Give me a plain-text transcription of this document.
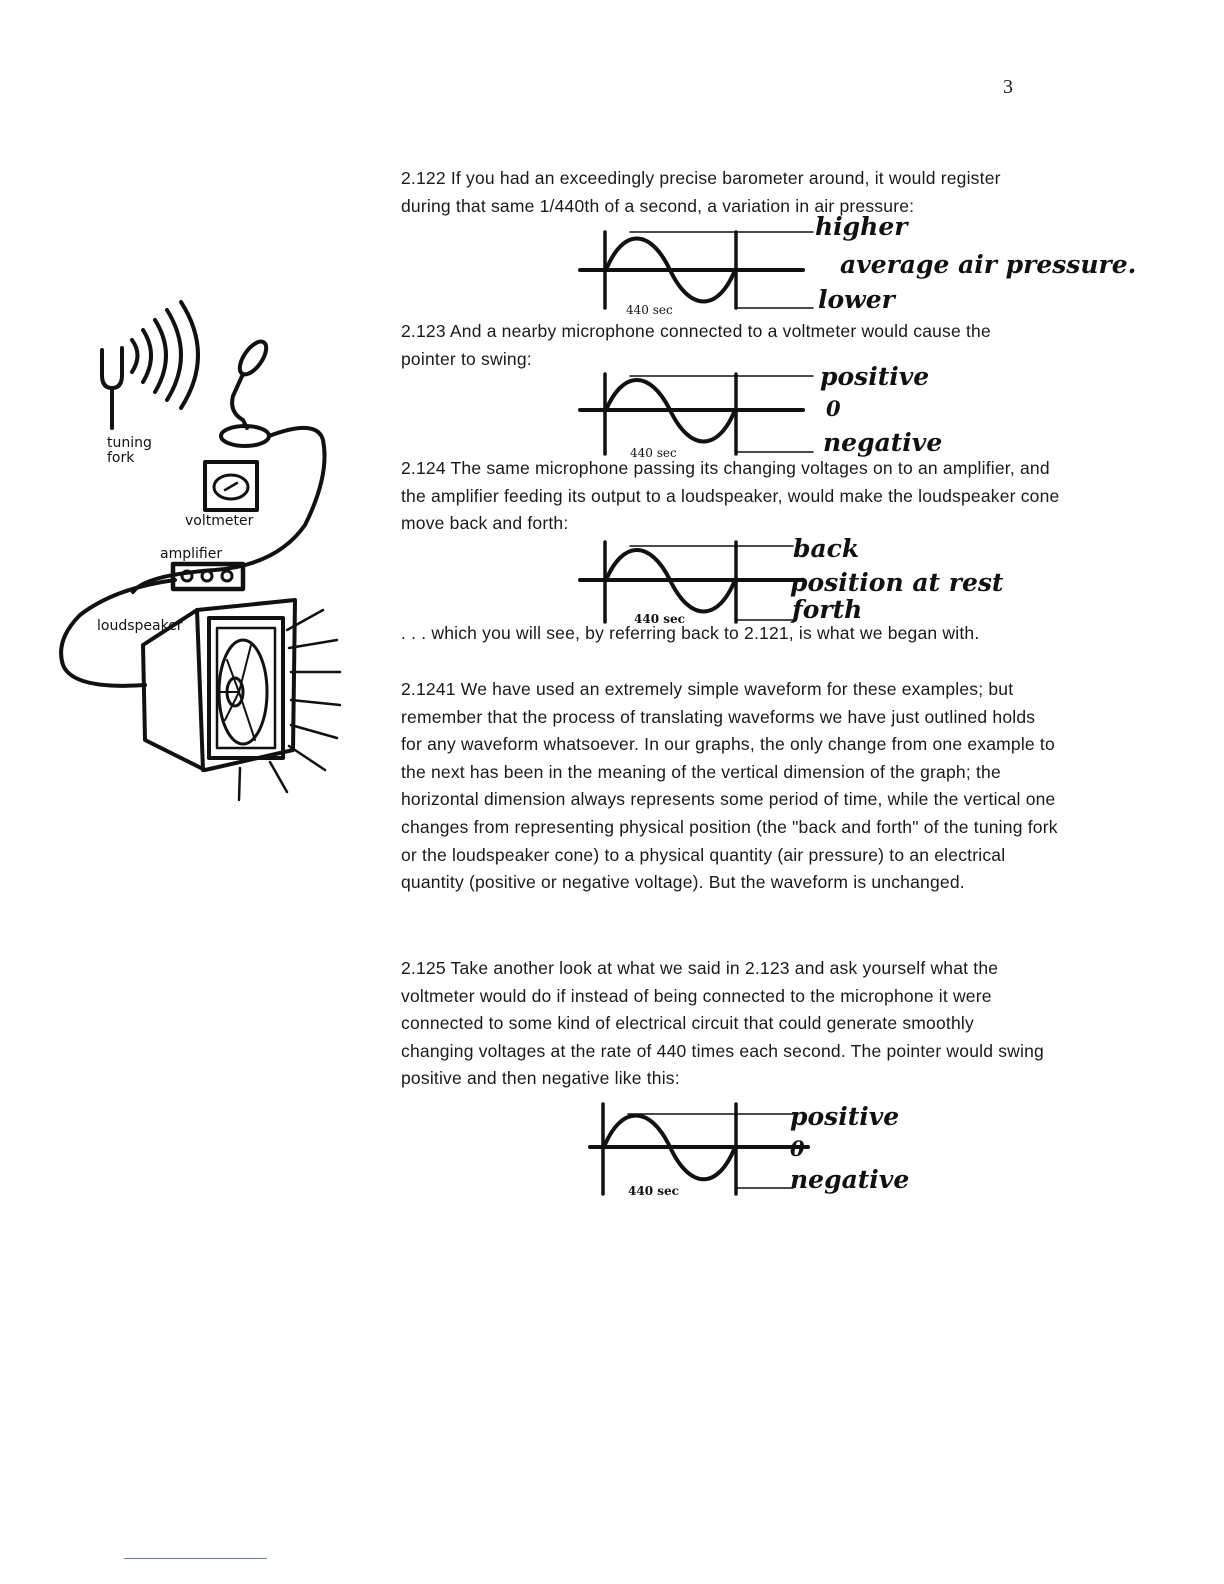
3
tuning fork
voltmeter
amplifier
loudspeaker

2.122 If you had an exceedingly precise barometer around, it would register during that same 1/440th of a second, a variation in air pressure:

440 sec
higher
average air pressure.
lower

2.123 And a nearby microphone connected to a voltmeter would cause the pointer to swing:

440 sec
positive
0
negative

2.124 The same microphone passing its changing voltages on to an amplifier, and the amplifier feeding its output to a loudspeaker, would make the loudspeaker cone move back and forth:

440 sec
back
position at rest
forth

. . . which you will see, by referring back to 2.121, is what we began with.

2.1241 We have used an extremely simple waveform for these examples; but remember that the process of translating waveforms we have just outlined holds for any waveform whatsoever. In our graphs, the only change from one example to the next has been in the meaning of the vertical dimension of the graph; the horizontal dimension always represents some period of time, while the vertical one changes from representing physical position (the "back and forth" of the tuning fork or the loudspeaker cone) to a physical quantity (air pressure) to an electrical quantity (positive or negative voltage). But the waveform is unchanged.

2.125 Take another look at what we said in 2.123 and ask yourself what the voltmeter would do if instead of being connected to the microphone it were connected to some kind of electrical circuit that could generate smoothly changing voltages at the rate of 440 times each second. The pointer would swing positive and then negative like this:

440 sec
positive
0
negative
